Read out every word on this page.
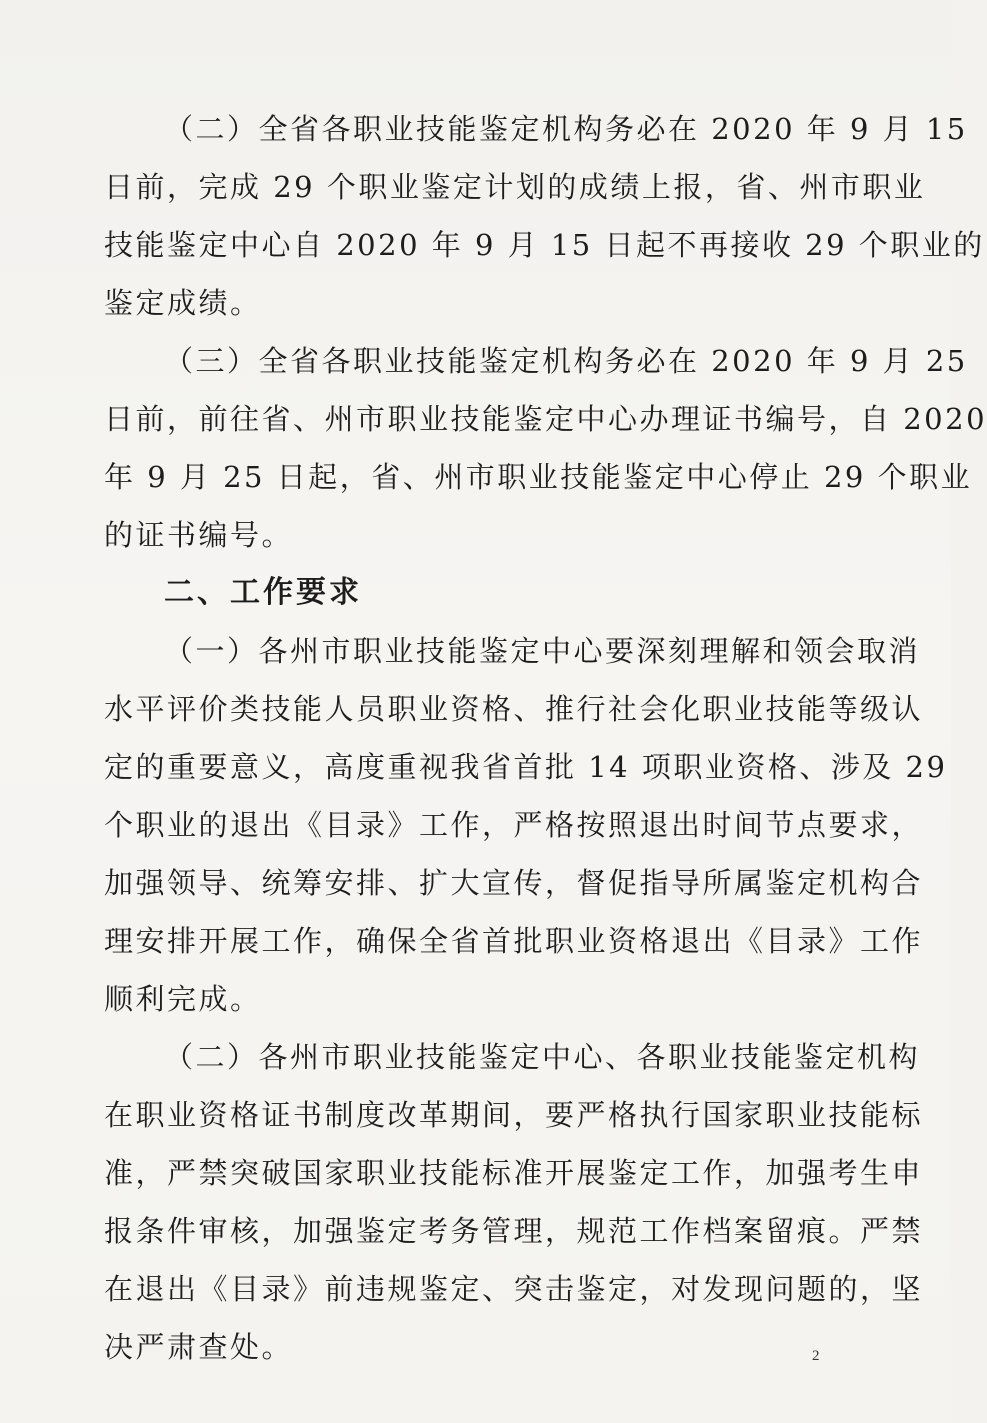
（二）全省各职业技能鉴定机构务必在 2020 年 9 月 15
日前，完成 29 个职业鉴定计划的成绩上报，省、州市职业
技能鉴定中心自 2020 年 9 月 15 日起不再接收 29 个职业的
鉴定成绩。

（三）全省各职业技能鉴定机构务必在 2020 年 9 月 25
日前，前往省、州市职业技能鉴定中心办理证书编号，自 2020
年 9 月 25 日起，省、州市职业技能鉴定中心停止 29 个职业
的证书编号。

二、工作要求

（一）各州市职业技能鉴定中心要深刻理解和领会取消
水平评价类技能人员职业资格、推行社会化职业技能等级认
定的重要意义，高度重视我省首批 14 项职业资格、涉及 29
个职业的退出《目录》工作，严格按照退出时间节点要求，
加强领导、统筹安排、扩大宣传，督促指导所属鉴定机构合
理安排开展工作，确保全省首批职业资格退出《目录》工作
顺利完成。

（二）各州市职业技能鉴定中心、各职业技能鉴定机构
在职业资格证书制度改革期间，要严格执行国家职业技能标
准，严禁突破国家职业技能标准开展鉴定工作，加强考生申
报条件审核，加强鉴定考务管理，规范工作档案留痕。严禁
在退出《目录》前违规鉴定、突击鉴定，对发现问题的，坚
决严肃查处。	2
